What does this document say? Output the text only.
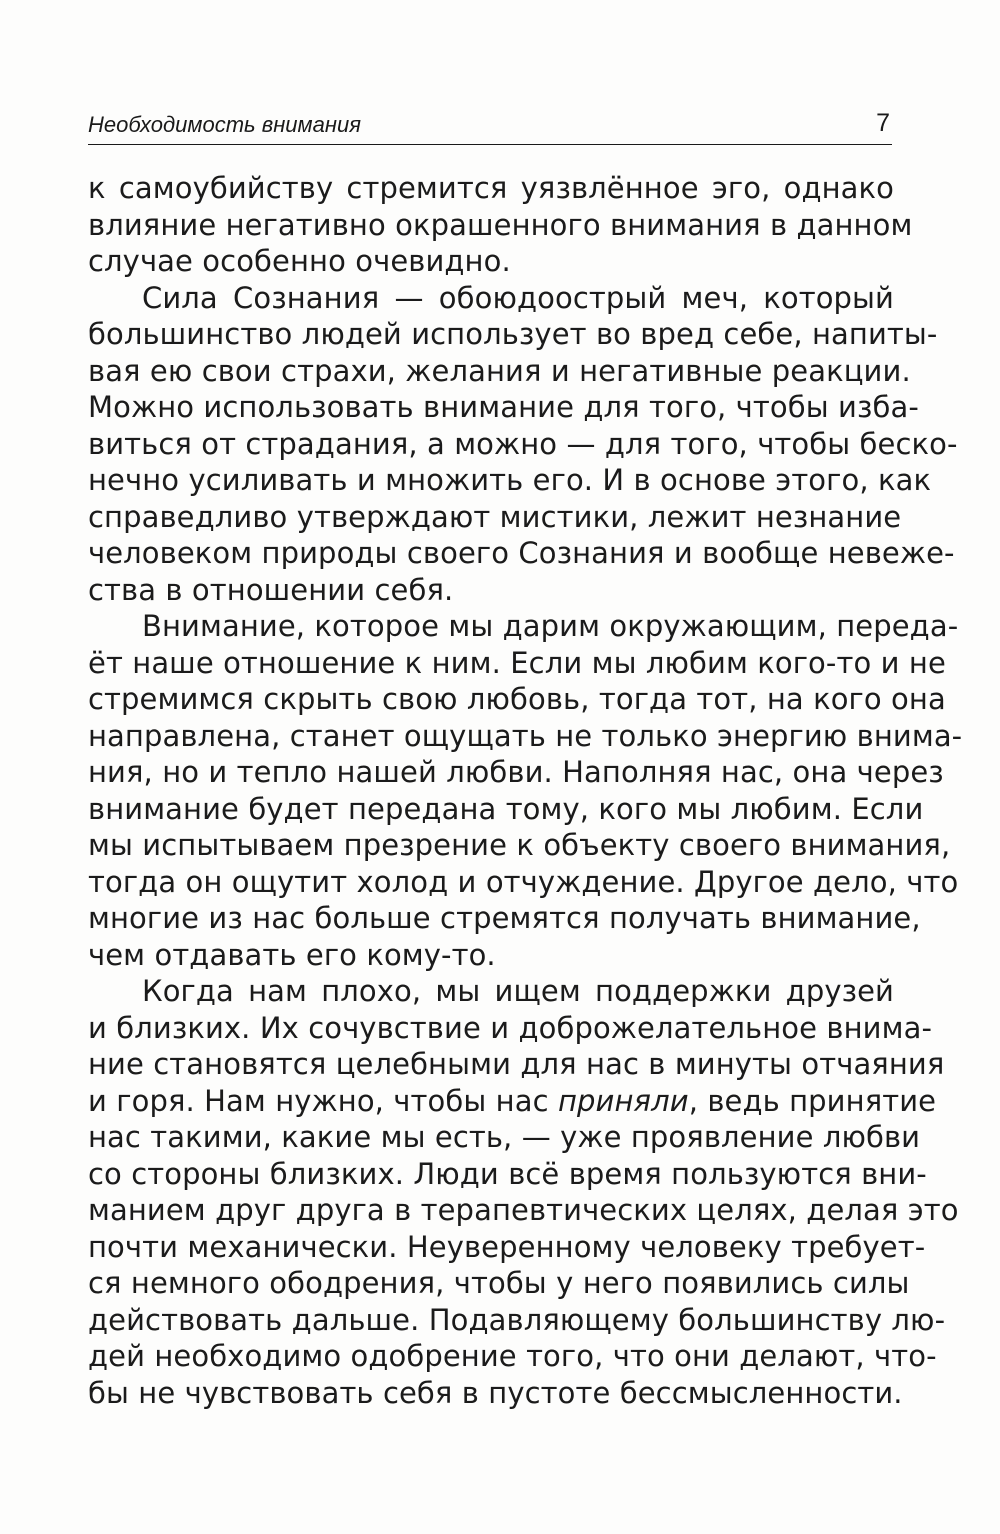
Необходимость внимания	7
к самоубийству стремится уязвлённое эго, однако
влияние негативно окрашенного внимания в данном
случае особенно очевидно.
Сила Сознания — обоюдоострый меч, который
большинство людей использует во вред себе, напиты-
вая ею свои страхи, желания и негативные реакции.
Можно использовать внимание для того, чтобы изба-
виться от страдания, а можно — для того, чтобы беско-
нечно усиливать и множить его. И в основе этого, как
справедливо утверждают мистики, лежит незнание
человеком природы своего Сознания и вообще невеже-
ства в отношении себя.
Внимание, которое мы дарим окружающим, переда-
ёт наше отношение к ним. Если мы любим кого-то и не
стремимся скрыть свою любовь, тогда тот, на кого она
направлена, станет ощущать не только энергию внима-
ния, но и тепло нашей любви. Наполняя нас, она через
внимание будет передана тому, кого мы любим. Если
мы испытываем презрение к объекту своего внимания,
тогда он ощутит холод и отчуждение. Другое дело, что
многие из нас больше стремятся получать внимание,
чем отдавать его кому-то.
Когда нам плохо, мы ищем поддержки друзей
и близких. Их сочувствие и доброжелательное внима-
ние становятся целебными для нас в минуты отчаяния
и горя. Нам нужно, чтобы нас приняли, ведь принятие
нас такими, какие мы есть, — уже проявление любви
со стороны близких. Люди всё время пользуются вни-
манием друг друга в терапевтических целях, делая это
почти механически. Неуверенному человеку требует-
ся немного ободрения, чтобы у него появились силы
действовать дальше. Подавляющему большинству лю-
дей необходимо одобрение того, что они делают, что-
бы не чувствовать себя в пустоте бессмысленности.
